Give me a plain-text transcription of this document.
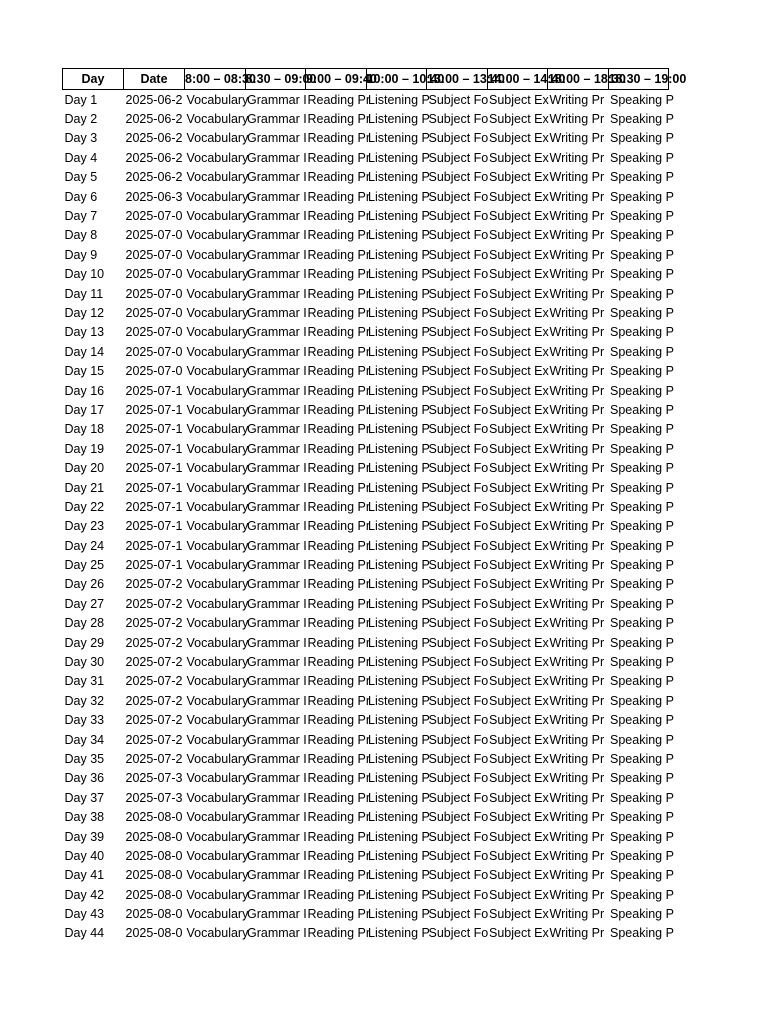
Day	Date	8:00 – 08:30	8:30 – 09:00	9:00 – 09:40	10:00 – 10:40	13:00 – 13:40	14:00 – 14:40	18:00 – 18:30	18:30 – 19:00
Day 1	2025-06-2	Vocabulary	Grammar I	Reading Pr	Listening P	Subject Fo	Subject Ex	Writing Pr	Speaking P
Day 2	2025-06-2	Vocabulary	Grammar I	Reading Pr	Listening P	Subject Fo	Subject Ex	Writing Pr	Speaking P
Day 3	2025-06-2	Vocabulary	Grammar I	Reading Pr	Listening P	Subject Fo	Subject Ex	Writing Pr	Speaking P
Day 4	2025-06-2	Vocabulary	Grammar I	Reading Pr	Listening P	Subject Fo	Subject Ex	Writing Pr	Speaking P
Day 5	2025-06-2	Vocabulary	Grammar I	Reading Pr	Listening P	Subject Fo	Subject Ex	Writing Pr	Speaking P
Day 6	2025-06-3	Vocabulary	Grammar I	Reading Pr	Listening P	Subject Fo	Subject Ex	Writing Pr	Speaking P
Day 7	2025-07-0	Vocabulary	Grammar I	Reading Pr	Listening P	Subject Fo	Subject Ex	Writing Pr	Speaking P
Day 8	2025-07-0	Vocabulary	Grammar I	Reading Pr	Listening P	Subject Fo	Subject Ex	Writing Pr	Speaking P
Day 9	2025-07-0	Vocabulary	Grammar I	Reading Pr	Listening P	Subject Fo	Subject Ex	Writing Pr	Speaking P
Day 10	2025-07-0	Vocabulary	Grammar I	Reading Pr	Listening P	Subject Fo	Subject Ex	Writing Pr	Speaking P
Day 11	2025-07-0	Vocabulary	Grammar I	Reading Pr	Listening P	Subject Fo	Subject Ex	Writing Pr	Speaking P
Day 12	2025-07-0	Vocabulary	Grammar I	Reading Pr	Listening P	Subject Fo	Subject Ex	Writing Pr	Speaking P
Day 13	2025-07-0	Vocabulary	Grammar I	Reading Pr	Listening P	Subject Fo	Subject Ex	Writing Pr	Speaking P
Day 14	2025-07-0	Vocabulary	Grammar I	Reading Pr	Listening P	Subject Fo	Subject Ex	Writing Pr	Speaking P
Day 15	2025-07-0	Vocabulary	Grammar I	Reading Pr	Listening P	Subject Fo	Subject Ex	Writing Pr	Speaking P
Day 16	2025-07-1	Vocabulary	Grammar I	Reading Pr	Listening P	Subject Fo	Subject Ex	Writing Pr	Speaking P
Day 17	2025-07-1	Vocabulary	Grammar I	Reading Pr	Listening P	Subject Fo	Subject Ex	Writing Pr	Speaking P
Day 18	2025-07-1	Vocabulary	Grammar I	Reading Pr	Listening P	Subject Fo	Subject Ex	Writing Pr	Speaking P
Day 19	2025-07-1	Vocabulary	Grammar I	Reading Pr	Listening P	Subject Fo	Subject Ex	Writing Pr	Speaking P
Day 20	2025-07-1	Vocabulary	Grammar I	Reading Pr	Listening P	Subject Fo	Subject Ex	Writing Pr	Speaking P
Day 21	2025-07-1	Vocabulary	Grammar I	Reading Pr	Listening P	Subject Fo	Subject Ex	Writing Pr	Speaking P
Day 22	2025-07-1	Vocabulary	Grammar I	Reading Pr	Listening P	Subject Fo	Subject Ex	Writing Pr	Speaking P
Day 23	2025-07-1	Vocabulary	Grammar I	Reading Pr	Listening P	Subject Fo	Subject Ex	Writing Pr	Speaking P
Day 24	2025-07-1	Vocabulary	Grammar I	Reading Pr	Listening P	Subject Fo	Subject Ex	Writing Pr	Speaking P
Day 25	2025-07-1	Vocabulary	Grammar I	Reading Pr	Listening P	Subject Fo	Subject Ex	Writing Pr	Speaking P
Day 26	2025-07-2	Vocabulary	Grammar I	Reading Pr	Listening P	Subject Fo	Subject Ex	Writing Pr	Speaking P
Day 27	2025-07-2	Vocabulary	Grammar I	Reading Pr	Listening P	Subject Fo	Subject Ex	Writing Pr	Speaking P
Day 28	2025-07-2	Vocabulary	Grammar I	Reading Pr	Listening P	Subject Fo	Subject Ex	Writing Pr	Speaking P
Day 29	2025-07-2	Vocabulary	Grammar I	Reading Pr	Listening P	Subject Fo	Subject Ex	Writing Pr	Speaking P
Day 30	2025-07-2	Vocabulary	Grammar I	Reading Pr	Listening P	Subject Fo	Subject Ex	Writing Pr	Speaking P
Day 31	2025-07-2	Vocabulary	Grammar I	Reading Pr	Listening P	Subject Fo	Subject Ex	Writing Pr	Speaking P
Day 32	2025-07-2	Vocabulary	Grammar I	Reading Pr	Listening P	Subject Fo	Subject Ex	Writing Pr	Speaking P
Day 33	2025-07-2	Vocabulary	Grammar I	Reading Pr	Listening P	Subject Fo	Subject Ex	Writing Pr	Speaking P
Day 34	2025-07-2	Vocabulary	Grammar I	Reading Pr	Listening P	Subject Fo	Subject Ex	Writing Pr	Speaking P
Day 35	2025-07-2	Vocabulary	Grammar I	Reading Pr	Listening P	Subject Fo	Subject Ex	Writing Pr	Speaking P
Day 36	2025-07-3	Vocabulary	Grammar I	Reading Pr	Listening P	Subject Fo	Subject Ex	Writing Pr	Speaking P
Day 37	2025-07-3	Vocabulary	Grammar I	Reading Pr	Listening P	Subject Fo	Subject Ex	Writing Pr	Speaking P
Day 38	2025-08-0	Vocabulary	Grammar I	Reading Pr	Listening P	Subject Fo	Subject Ex	Writing Pr	Speaking P
Day 39	2025-08-0	Vocabulary	Grammar I	Reading Pr	Listening P	Subject Fo	Subject Ex	Writing Pr	Speaking P
Day 40	2025-08-0	Vocabulary	Grammar I	Reading Pr	Listening P	Subject Fo	Subject Ex	Writing Pr	Speaking P
Day 41	2025-08-0	Vocabulary	Grammar I	Reading Pr	Listening P	Subject Fo	Subject Ex	Writing Pr	Speaking P
Day 42	2025-08-0	Vocabulary	Grammar I	Reading Pr	Listening P	Subject Fo	Subject Ex	Writing Pr	Speaking P
Day 43	2025-08-0	Vocabulary	Grammar I	Reading Pr	Listening P	Subject Fo	Subject Ex	Writing Pr	Speaking P
Day 44	2025-08-0	Vocabulary	Grammar I	Reading Pr	Listening P	Subject Fo	Subject Ex	Writing Pr	Speaking P
